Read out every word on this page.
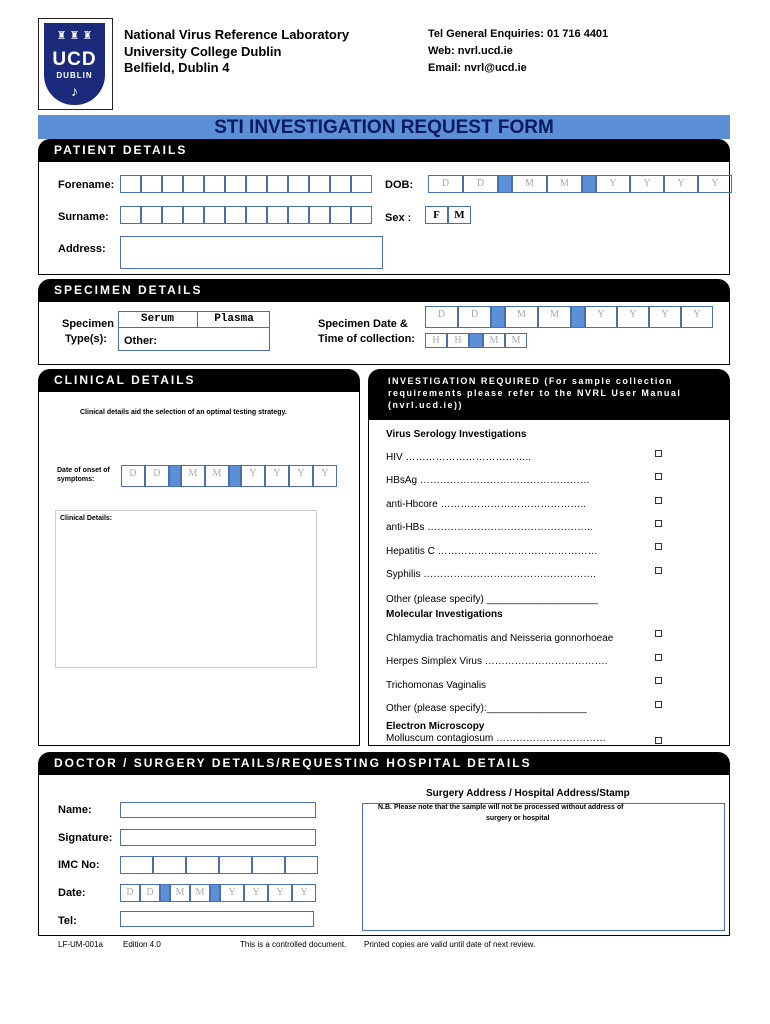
♜ ♜ ♜
UCD
DUBLIN
♪
National Virus Reference Laboratory
University College Dublin
Belfield, Dublin 4
Tel General Enquiries: 01 716 4401
Web: nvrl.ucd.ie
Email: nvrl@ucd.ie
STI INVESTIGATION REQUEST FORM
PATIENT DETAILS
Forename:	DOB:	D	D	M	M	Y	Y	Y	Y
Surname:	Sex :	F	M
Address:
SPECIMEN DETAILS
Specimen
Type(s):
Serum	Plasma
Other:
Specimen Date &
Time of collection:
D	D	M	M	Y	Y	Y	Y
H	H	M	M
CLINICAL DETAILS
Clinical details aid the selection of an optimal testing strategy.
Date of onset of
symptoms:
D	D	M	M	Y	Y	Y	Y
Clinical Details:
INVESTIGATION REQUIRED (For sample collection
requirements please refer to the NVRL User Manual
(nvrl.ucd.ie))
Virus Serology Investigations
HIV ………………………………..
HBsAg ……………………………………………
anti-Hbcore ……………………………………..
anti-HBs …………………………………………..
Hepatitis C …………………………………………
Syphilis …………………………………………….
Other (please specify) ____________________
Molecular Investigations
Chlamydia trachomatis and Neisseria gonnorhoeae
Herpes Simplex Virus ……………………………….
Trichomonas Vaginalis
Other (please specify):__________________
Electron Microscopy
Molluscum contagiosum ……………………………
DOCTOR / SURGERY DETAILS/REQUESTING HOSPITAL DETAILS
Surgery Address / Hospital Address/Stamp
N.B. Please note that the sample will not be processed without address of
surgery or hospital
Name:
Signature:
IMC No:
Date:	D	D	M	M	Y	Y	Y	Y
Tel:
LF-UM-001a	Edition 4.0	This is a controlled document. Printed copies are valid until date of next review.
